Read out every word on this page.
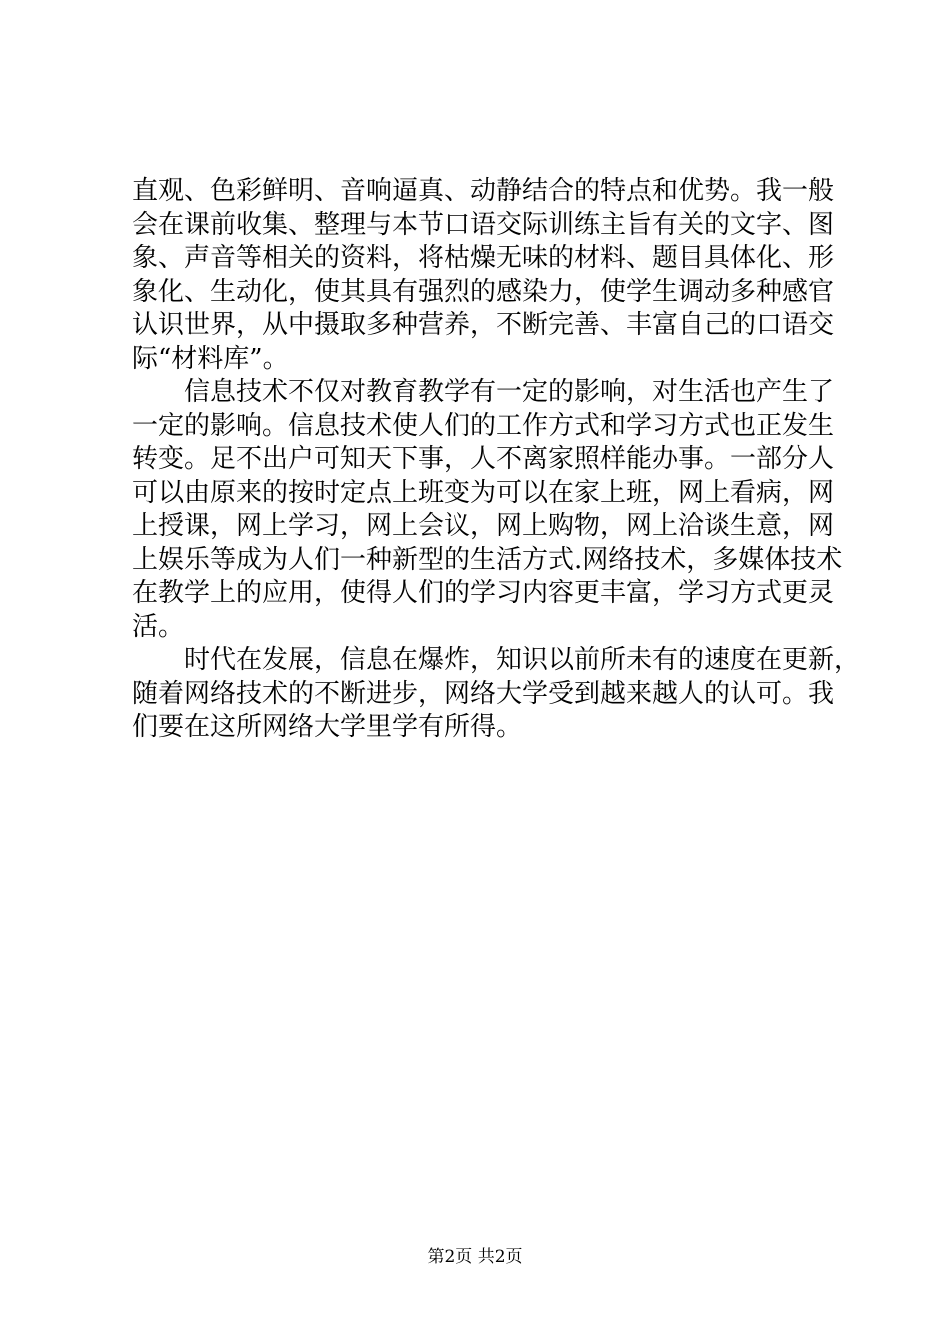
直观、色彩鲜明、音响逼真、动静结合的特点和优势。我一般
会在课前收集、整理与本节口语交际训练主旨有关的文字、图
象、声音等相关的资料，将枯燥无味的材料、题目具体化、形
象化、生动化，使其具有强烈的感染力，使学生调动多种感官
认识世界，从中摄取多种营养，不断完善、丰富自己的口语交
际“材料库”。
　　信息技术不仅对教育教学有一定的影响，对生活也产生了
一定的影响。信息技术使人们的工作方式和学习方式也正发生
转变。足不出户可知天下事，人不离家照样能办事。一部分人
可以由原来的按时定点上班变为可以在家上班，网上看病，网
上授课，网上学习，网上会议，网上购物，网上洽谈生意，网
上娱乐等成为人们一种新型的生活方式.网络技术，多媒体技术
在教学上的应用，使得人们的学习内容更丰富，学习方式更灵
活。
　　时代在发展，信息在爆炸，知识以前所未有的速度在更新，
随着网络技术的不断进步，网络大学受到越来越人的认可。我
们要在这所网络大学里学有所得。
第2页 共2页
